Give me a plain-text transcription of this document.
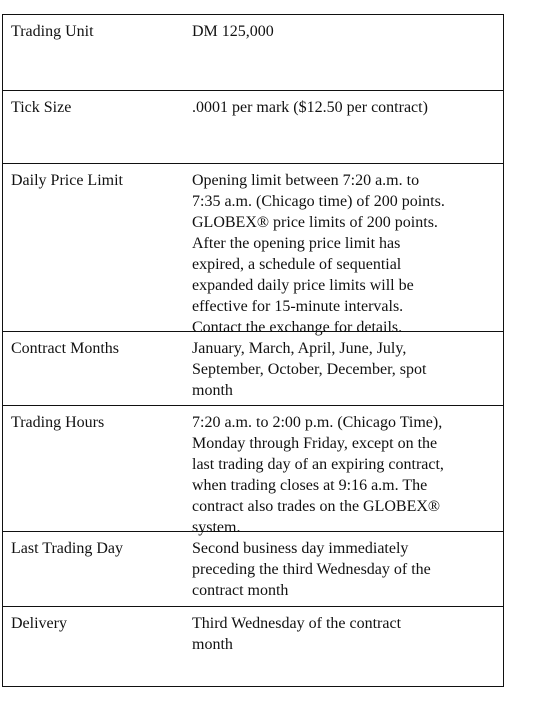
Trading Unit	DM 125,000
Tick Size	.0001 per mark ($12.50 per contract)
Daily Price Limit	Opening limit between 7:20 a.m. to
7:35 a.m. (Chicago time) of 200 points.
GLOBEX® price limits of 200 points.
After the opening price limit has
expired, a schedule of sequential
expanded daily price limits will be
effective for 15-minute intervals.
Contact the exchange for details.
Contract Months	January, March, April, June, July,
September, October, December, spot
month
Trading Hours	7:20 a.m. to 2:00 p.m. (Chicago Time),
Monday through Friday, except on the
last trading day of an expiring contract,
when trading closes at 9:16 a.m. The
contract also trades on the GLOBEX®
system.
Last Trading Day	Second business day immediately
preceding the third Wednesday of the
contract month
Delivery	Third Wednesday of the contract
month
